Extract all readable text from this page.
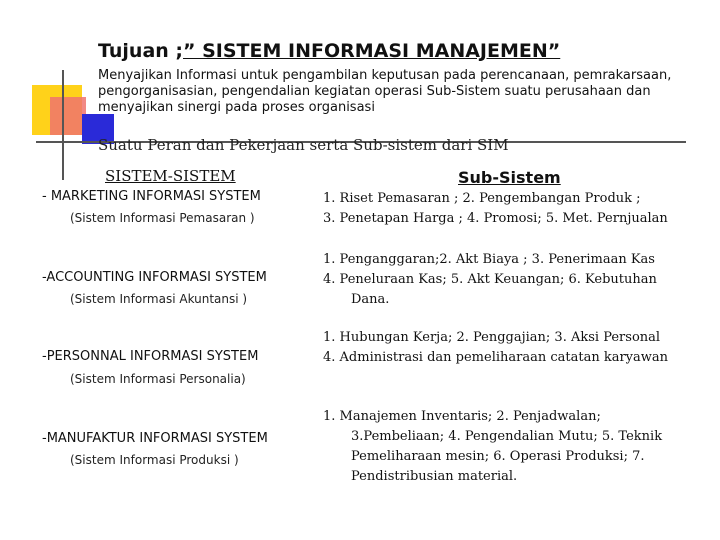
Tujuan ;” SISTEM INFORMASI MANAJEMEN”

Menyajikan Informasi untuk pengambilan keputusan pada perencanaan, pemrakarsaan, pengorganisasian, pengendalian kegiatan operasi Sub-Sistem suatu perusahaan dan menyajikan sinergi pada proses organisasi

Suatu Peran dan Pekerjaan serta Sub-sistem dari SIM
SISTEM-SISTEM	Sub-Sistem
- MARKETING INFORMASI SYSTEM
(Sistem Informasi Pemasaran )
1. Riset Pemasaran ; 2. Pengembangan Produk ;
3. Penetapan Harga ; 4. Promosi; 5. Met. Pernjualan
-ACCOUNTING INFORMASI SYSTEM
(Sistem Informasi Akuntansi )
1. Penganggaran;2. Akt Biaya ; 3. Penerimaan Kas
4. Peneluraan Kas; 5. Akt Keuangan; 6. Kebutuhan
Dana.
-PERSONNAL INFORMASI SYSTEM
(Sistem Informasi Personalia)
1. Hubungan Kerja; 2. Penggajian; 3. Aksi Personal
4. Administrasi dan pemeliharaan catatan karyawan
-MANUFAKTUR INFORMASI SYSTEM
(Sistem Informasi Produksi )
1. Manajemen Inventaris; 2. Penjadwalan;
3.Pembeliaan; 4. Pengendalian Mutu; 5. Teknik
Pemeliharaan mesin; 6. Operasi Produksi; 7.
Pendistribusian material.
